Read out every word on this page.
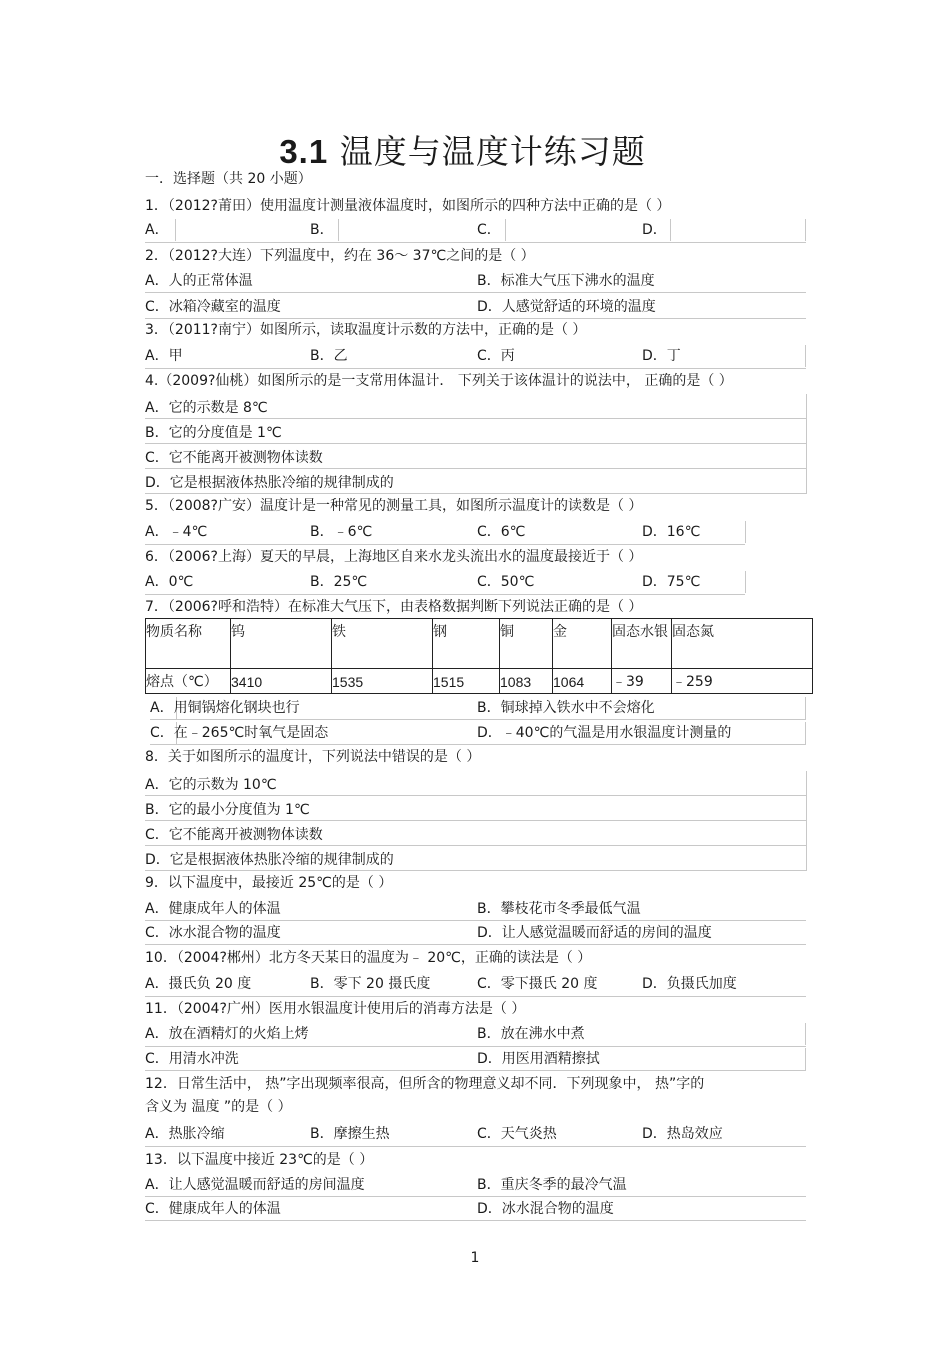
3.1 温度与温度计练习题
一．选择题（共 20 小题）
1．（2012?莆田）使用温度计测量液体温度时，如图所示的四种方法中正确的是（ ）
A．	B．	C．	D．
2．（2012?大连）下列温度中，约在 36～ 37℃之间的是（ ）
A．人的正常体温	B．标准大气压下沸水的温度
C．冰箱冷藏室的温度	D．人感觉舒适的环境的温度
3．（2011?南宁）如图所示，读取温度计示数的方法中，正确的是（ ）
A．甲	B．乙	C．丙	D．丁
4.（2009?仙桃）如图所示的是一支常用体温计． 下列关于该体温计的说法中， 正确的是（ ）
A．它的示数是 8℃
B．它的分度值是 1℃
C．它不能离开被测物体读数
D．它是根据液体热胀冷缩的规律制成的
5．（2008?广安）温度计是一种常见的测量工具，如图所示温度计的读数是（ ）
A．﹣4℃	B．﹣6℃	C．6℃	D．16℃
6．（2006?上海）夏天的早晨，上海地区自来水龙头流出水的温度最接近于（ ）
A．0℃	B．25℃	C．50℃	D．75℃
7．（2006?呼和浩特）在标准大气压下，由表格数据判断下列说法正确的是（ ）
物质名称	钨	铁	钢	铜	金	固态水银	固态氮
熔点（℃）	3410	1535	1515	1083	1064	﹣39	﹣259
A．用铜锅熔化钢块也行	B．铜球掉入铁水中不会熔化
C．在﹣265℃时氧气是固态	D．﹣40℃的气温是用水银温度计测量的
8．关于如图所示的温度计，下列说法中错误的是（ ）
A．它的示数为 10℃
B．它的最小分度值为 1℃
C．它不能离开被测物体读数
D．它是根据液体热胀冷缩的规律制成的
9．以下温度中，最接近 25℃的是（ ）
A．健康成年人的体温	B．攀枝花市冬季最低气温
C．冰水混合物的温度	D．让人感觉温暖而舒适的房间的温度
10．（2004?郴州）北方冬天某日的温度为﹣ 20℃，正确的读法是（ ）
A．摄氏负 20 度	B．零下 20 摄氏度	C．零下摄氏 20 度	D．负摄氏加度
11．（2004?广州）医用水银温度计使用后的消毒方法是（ ）
A．放在酒精灯的火焰上烤	B．放在沸水中煮
C．用清水冲洗	D．用医用酒精擦拭
12．日常生活中， 热”字出现频率很高，但所含的物理意义却不同．下列现象中， 热”字的
含义为 温度 ”的是（ ）
A．热胀冷缩	B．摩擦生热	C．天气炎热	D．热岛效应
13．以下温度中接近 23℃的是（ ）
A．让人感觉温暖而舒适的房间温度	B．重庆冬季的最冷气温
C．健康成年人的体温	D．冰水混合物的温度
1
